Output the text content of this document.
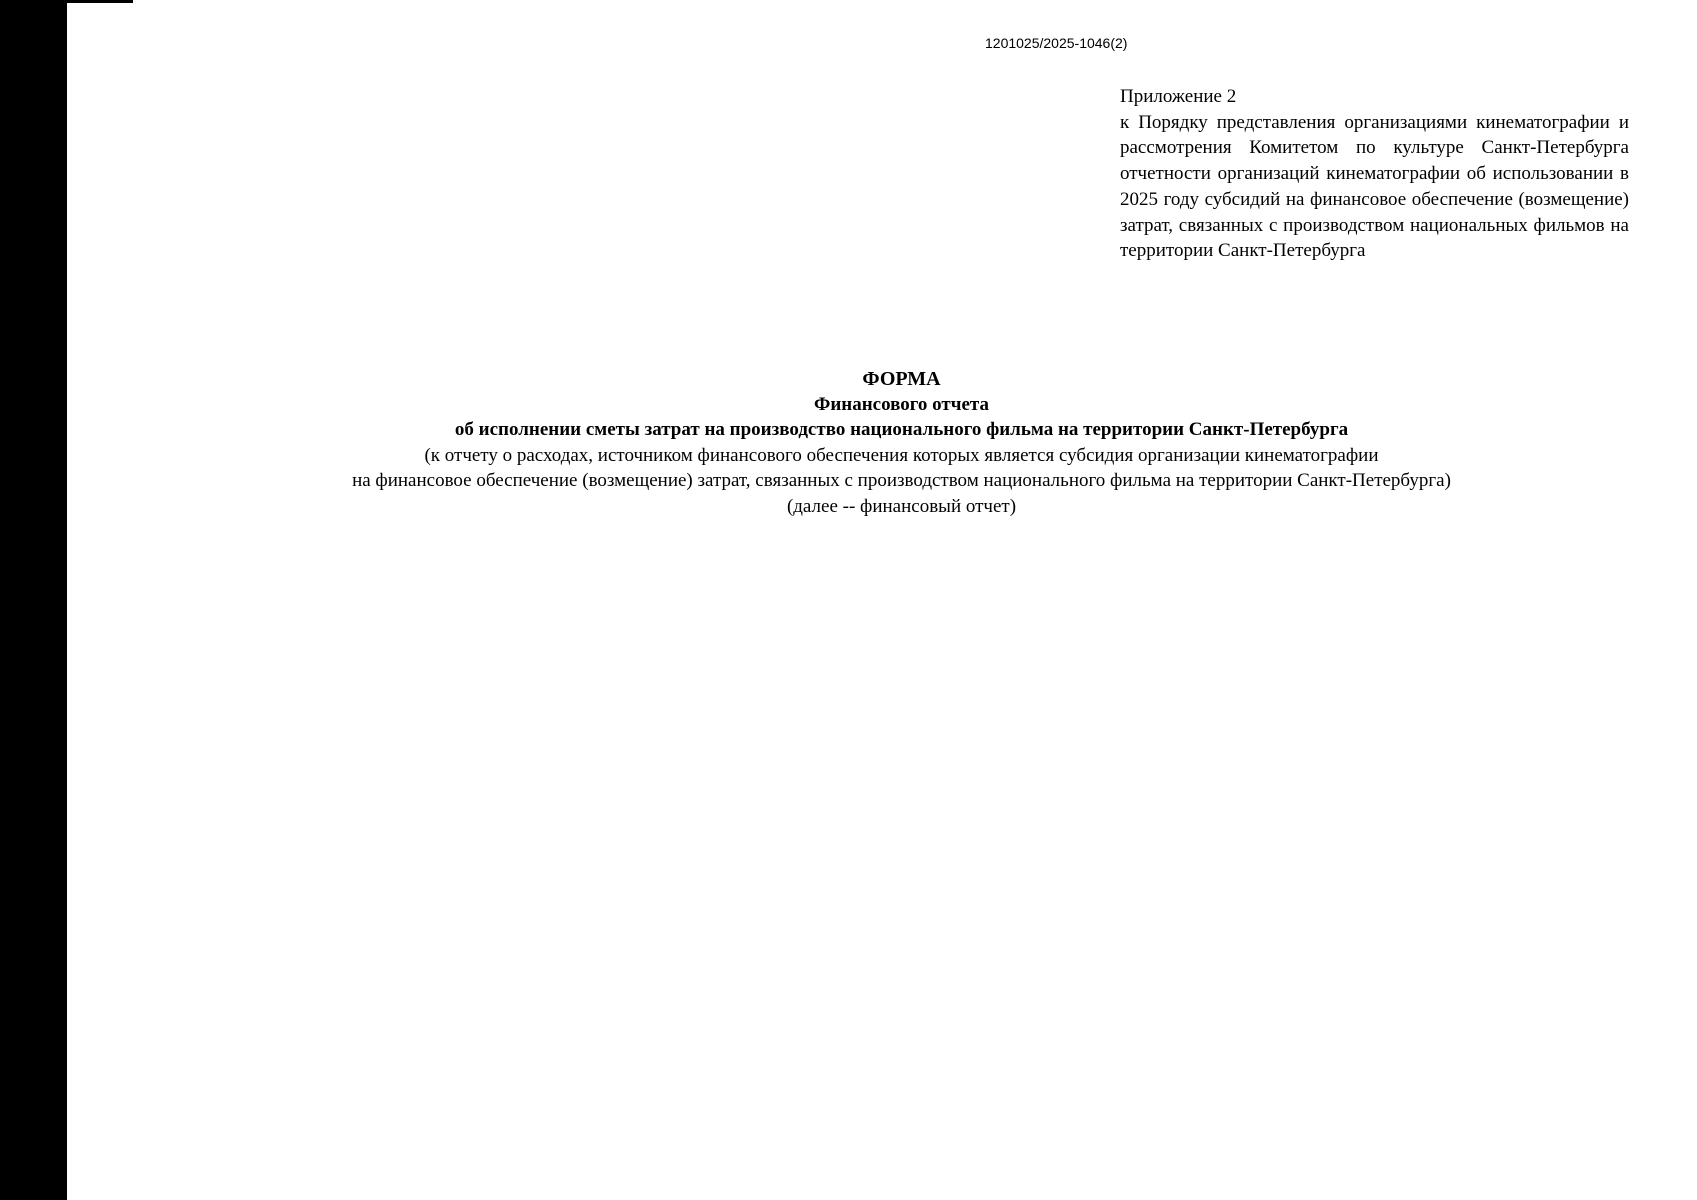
1201025/2025-1046(2)
Приложение 2
к Порядку представления организациями кинематографии и рассмотрения Комитетом по культуре Санкт-Петербурга отчетности организаций кинематографии об использовании в 2025 году субсидий на финансовое обеспечение (возмещение) затрат, связанных с производством национальных фильмов на территории Санкт-Петербурга
ФОРМА
Финансового отчета
об исполнении сметы затрат на производство национального фильма на территории Санкт-Петербурга
(к отчету о расходах, источником финансового обеспечения которых является субсидия организации кинематографии
на финансовое обеспечение (возмещение) затрат, связанных с производством национального фильма на территории Санкт-Петербурга)
(далее -- финансовый отчет)
